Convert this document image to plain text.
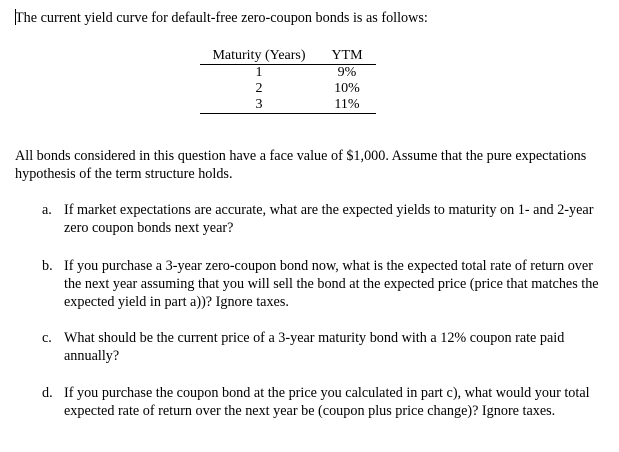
The current yield curve for default-free zero-coupon bonds is as follows:
Maturity (Years)	YTM
1	9%
2	10%
3	11%
All bonds considered in this question have a face value of $1,000. Assume that the pure expectations hypothesis of the term structure holds.
a. If market expectations are accurate, what are the expected yields to maturity on 1- and 2-year zero coupon bonds next year?
b. If you purchase a 3-year zero-coupon bond now, what is the expected total rate of return over the next year assuming that you will sell the bond at the expected price (price that matches the expected yield in part a))? Ignore taxes.
c. What should be the current price of a 3-year maturity bond with a 12% coupon rate paid annually?
d. If you purchase the coupon bond at the price you calculated in part c), what would your total expected rate of return over the next year be (coupon plus price change)? Ignore taxes.
